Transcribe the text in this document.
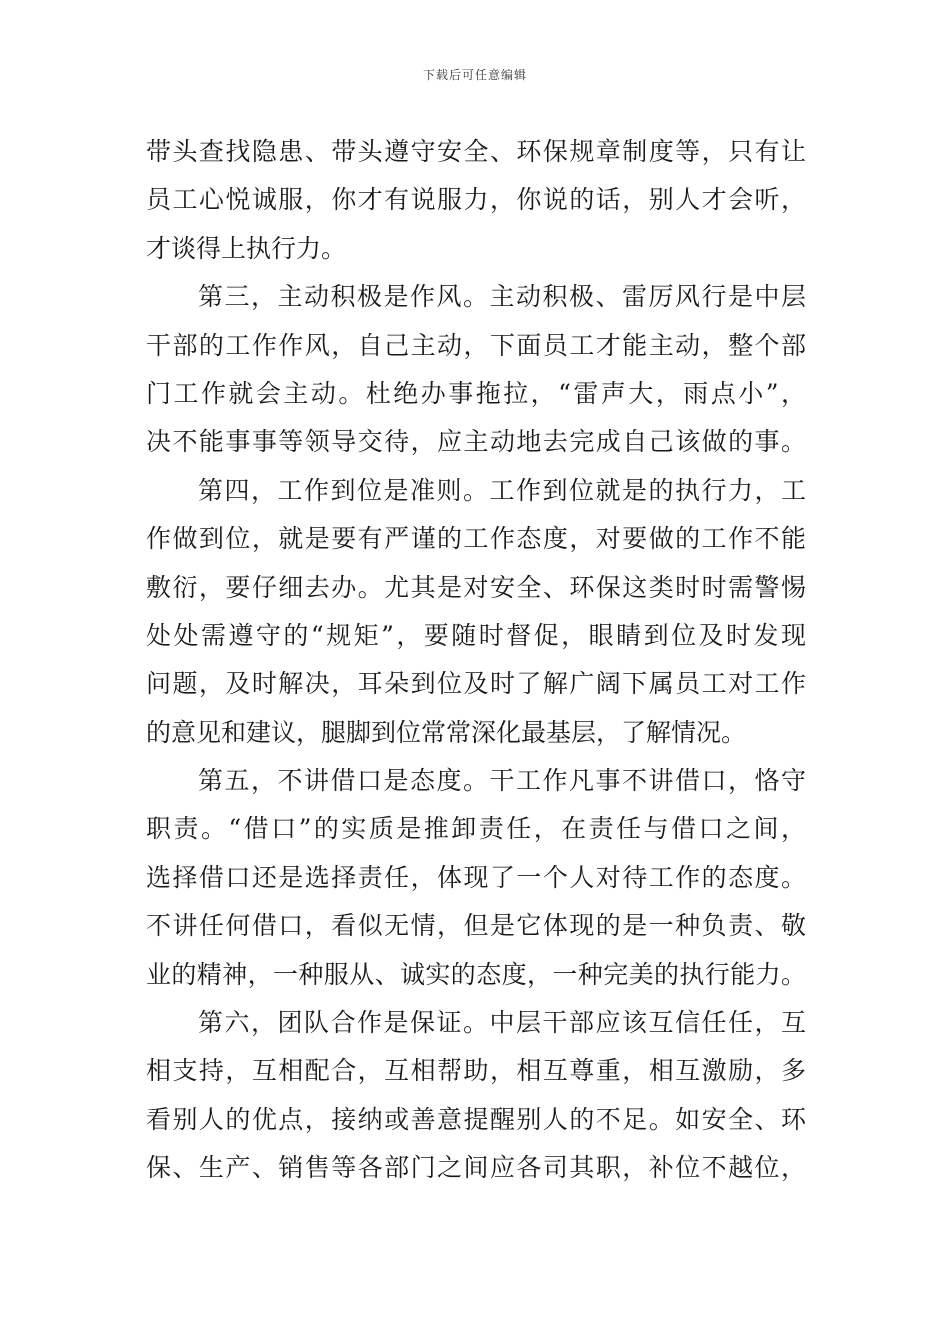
下载后可任意编辑
带头查找隐患、带头遵守安全、环保规章制度等，只有让
员工心悦诚服，你才有说服力，你说的话，别人才会听，
才谈得上执行力。
第三，主动积极是作风。主动积极、雷厉风行是中层
干部的工作作风，自己主动，下面员工才能主动，整个部
门工作就会主动。杜绝办事拖拉，“雷声大，雨点小”，
决不能事事等领导交待，应主动地去完成自己该做的事。
第四，工作到位是准则。工作到位就是的执行力，工
作做到位，就是要有严谨的工作态度，对要做的工作不能
敷衍，要仔细去办。尤其是对安全、环保这类时时需警惕
处处需遵守的“规矩”，要随时督促，眼睛到位及时发现
问题，及时解决，耳朵到位及时了解广阔下属员工对工作
的意见和建议，腿脚到位常常深化最基层，了解情况。
第五，不讲借口是态度。干工作凡事不讲借口，恪守
职责。“借口”的实质是推卸责任，在责任与借口之间，
选择借口还是选择责任，体现了一个人对待工作的态度。
不讲任何借口，看似无情，但是它体现的是一种负责、敬
业的精神，一种服从、诚实的态度，一种完美的执行能力。
第六，团队合作是保证。中层干部应该互信任任，互
相支持，互相配合，互相帮助，相互尊重，相互激励，多
看别人的优点，接纳或善意提醒别人的不足。如安全、环
保、生产、销售等各部门之间应各司其职，补位不越位，
